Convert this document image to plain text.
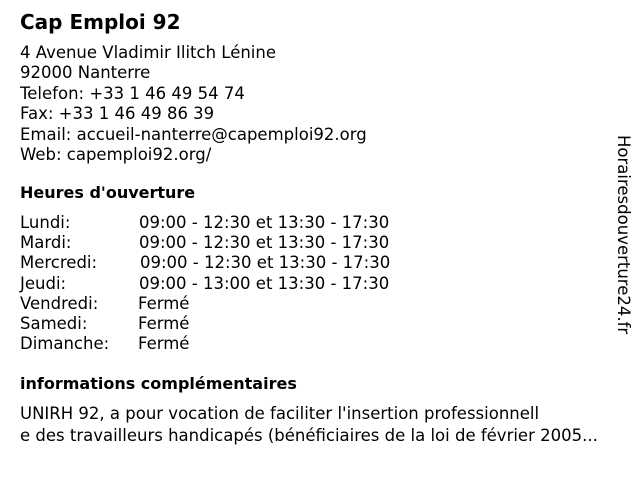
Cap Emploi 92
4 Avenue Vladimir Ilitch Lénine
92000 Nanterre
Telefon: +33 1 46 49 54 74
Fax: +33 1 46 49 86 39
Email: accueil-nanterre@capemploi92.org
Web: capemploi92.org/
Heures d'ouverture
Lundi:	09:00 - 12:30 et 13:30 - 17:30
Mardi:	09:00 - 12:30 et 13:30 - 17:30
Mercredi:	09:00 - 12:30 et 13:30 - 17:30
Jeudi:	09:00 - 13:00 et 13:30 - 17:30
Vendredi: Fermé
Samedi:	Fermé
Dimanche: Fermé
informations complémentaires
UNIRH 92, a pour vocation de faciliter l'insertion professionnell
e des travailleurs handicapés (bénéficiaires de la loi de février 2005...
Horairesdouverture24.fr
